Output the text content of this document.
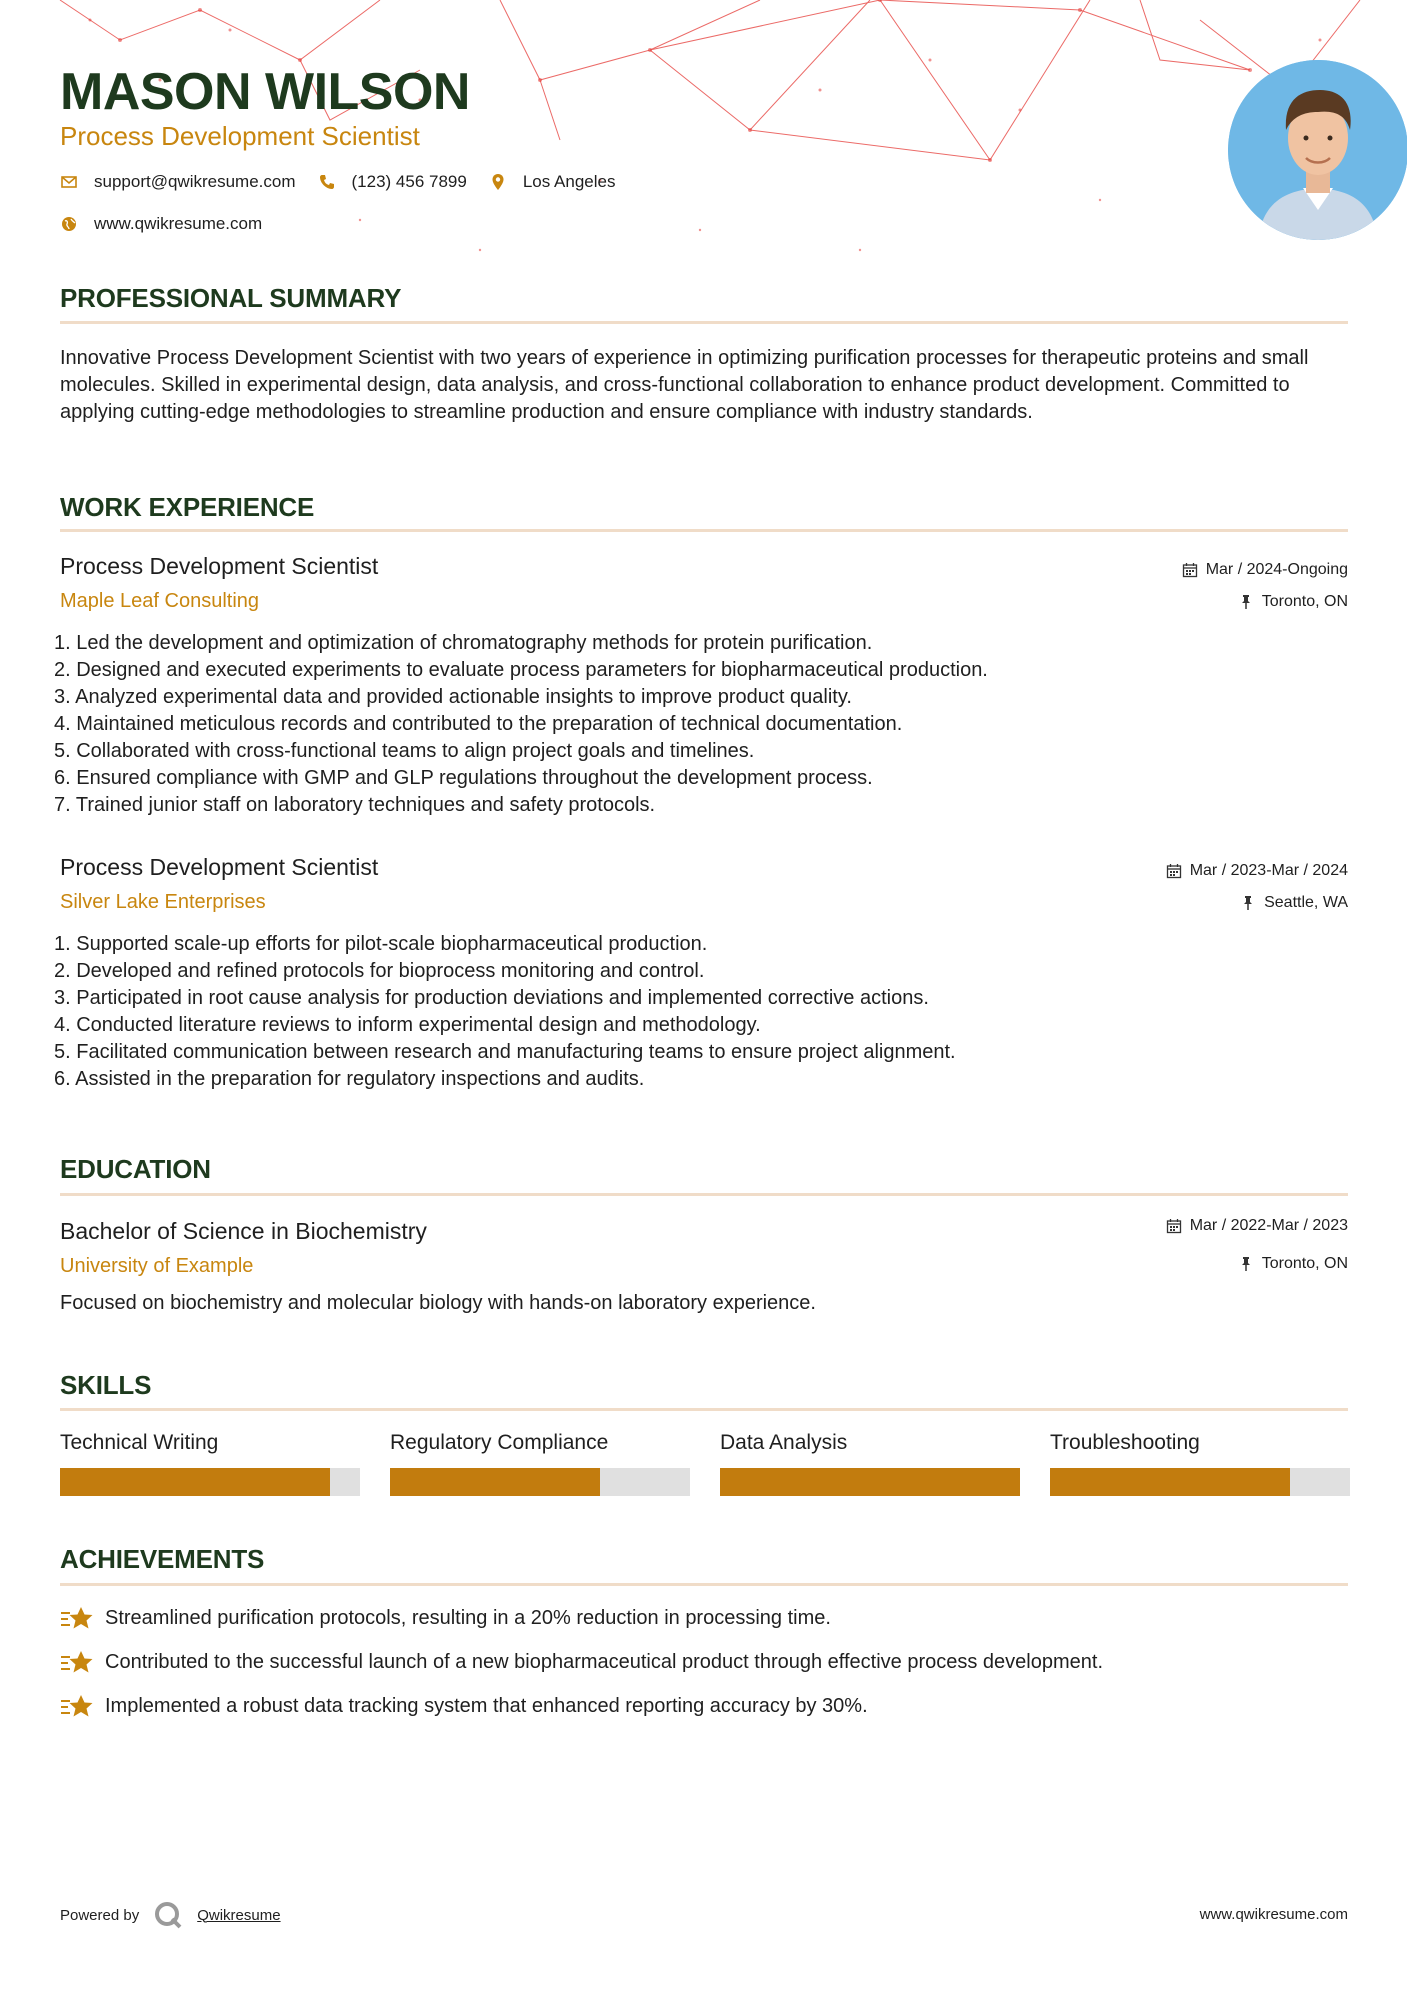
MASON WILSON
Process Development Scientist
support@qwikresume.com	(123) 456 7899	Los Angeles
www.qwikresume.com
PROFESSIONAL SUMMARY

Innovative Process Development Scientist with two years of experience in optimizing purification processes for therapeutic proteins and small molecules. Skilled in experimental design, data analysis, and cross-functional collaboration to enhance product development. Committed to applying cutting-edge methodologies to streamline production and ensure compliance with industry standards.

WORK EXPERIENCE
Process Development Scientist
Maple Leaf Consulting
Mar / 2024-Ongoing
Toronto, ON
1. Led the development and optimization of chromatography methods for protein purification.
2. Designed and executed experiments to evaluate process parameters for biopharmaceutical production.
3. Analyzed experimental data and provided actionable insights to improve product quality.
4. Maintained meticulous records and contributed to the preparation of technical documentation.
5. Collaborated with cross-functional teams to align project goals and timelines.
6. Ensured compliance with GMP and GLP regulations throughout the development process.
7. Trained junior staff on laboratory techniques and safety protocols.
Process Development Scientist
Silver Lake Enterprises
Mar / 2023-Mar / 2024
Seattle, WA
1. Supported scale-up efforts for pilot-scale biopharmaceutical production.
2. Developed and refined protocols for bioprocess monitoring and control.
3. Participated in root cause analysis for production deviations and implemented corrective actions.
4. Conducted literature reviews to inform experimental design and methodology.
5. Facilitated communication between research and manufacturing teams to ensure project alignment.
6. Assisted in the preparation for regulatory inspections and audits.
EDUCATION
Bachelor of Science in Biochemistry
University of Example
Mar / 2022-Mar / 2023
Toronto, ON
Focused on biochemistry and molecular biology with hands-on laboratory experience.
SKILLS
Technical Writing	Regulatory Compliance	Data Analysis	Troubleshooting
ACHIEVEMENTS
Streamlined purification protocols, resulting in a 20% reduction in processing time.
Contributed to the successful launch of a new biopharmaceutical product through effective process development.
Implemented a robust data tracking system that enhanced reporting accuracy by 30%.
Powered by	Qwikresume	www.qwikresume.com
